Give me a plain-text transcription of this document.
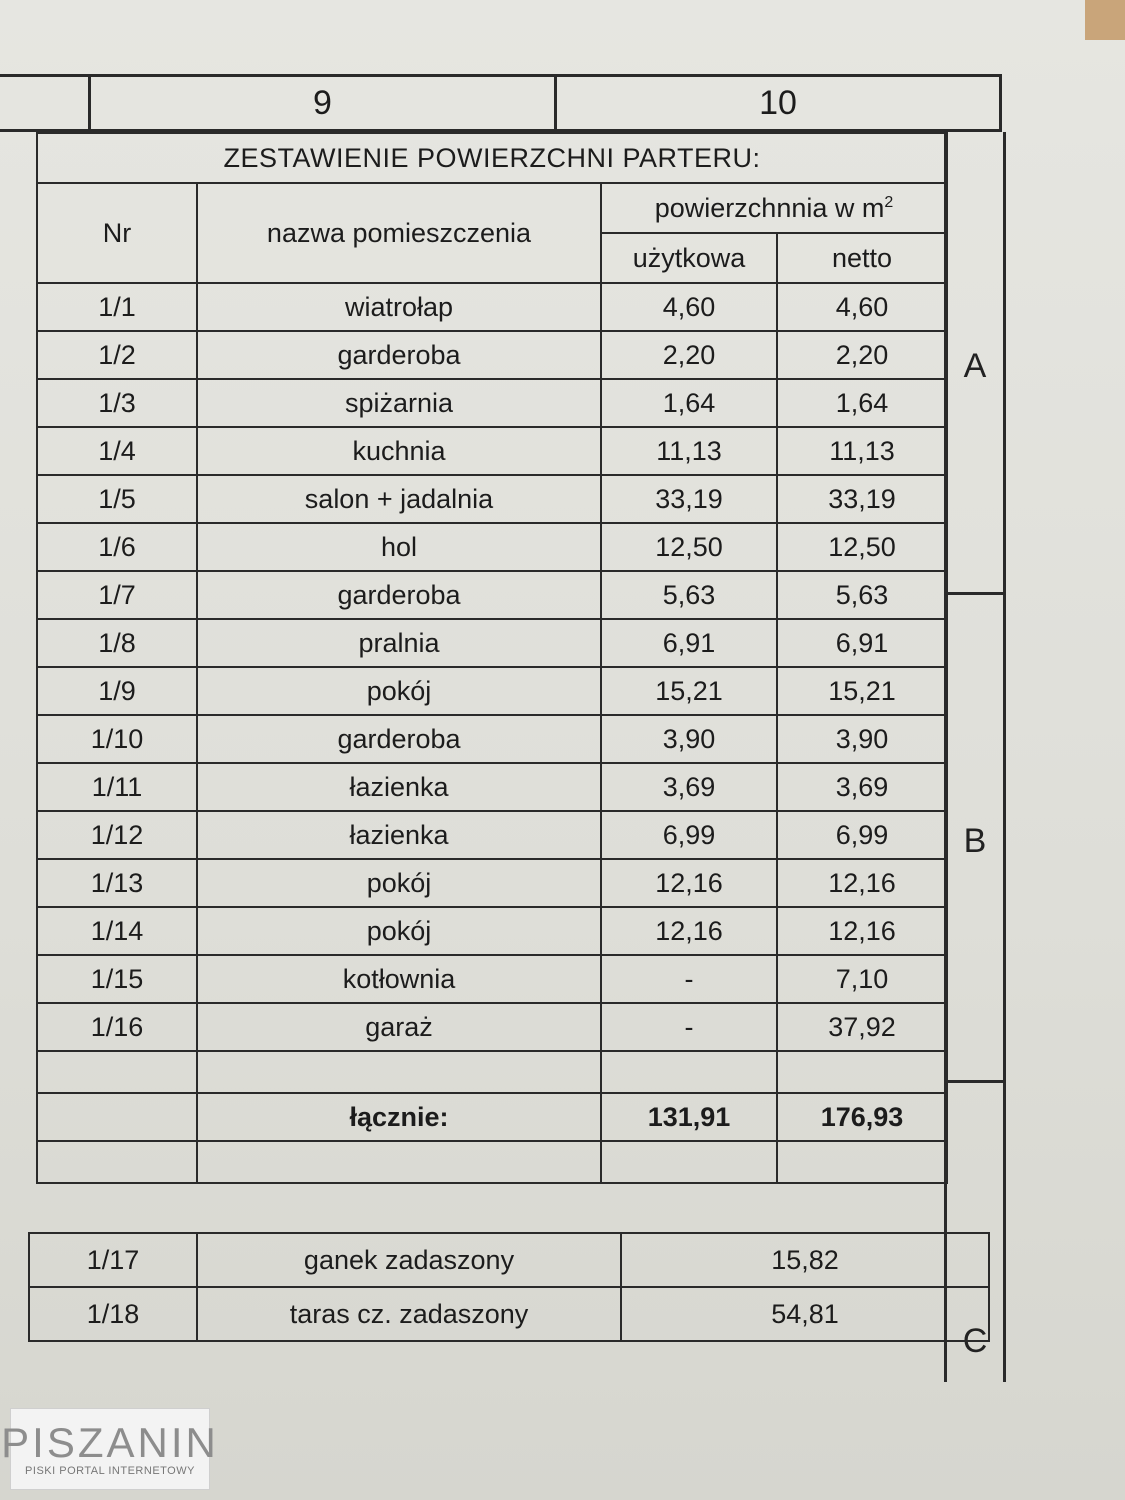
9	10
A
B
C
ZESTAWIENIE POWIERZCHNI PARTERU:			
Nr	nazwa pomieszczenia	powierzchnnia w $m^2$
		użytkowa	netto
1/1	wiatrołap	4,60	4,60
1/2	garderoba	2,20	2,20
1/3	spiżarnia	1,64	1,64
1/4	kuchnia	11,13	11,13
1/5	salon + jadalnia	33,19	33,19
1/6	hol	12,50	12,50
1/7	garderoba	5,63	5,63
1/8	pralnia	6,91	6,91
1/9	pokój	15,21	15,21
1/10	garderoba	3,90	3,90
1/11	łazienka	3,69	3,69
1/12	łazienka	6,99	6,99
1/13	pokój	12,16	12,16
1/14	pokój	12,16	12,16
1/15	kotłownia	-	7,10
1/16	garaż	-	37,92

	łącznie:	131,91	176,93

1/17	ganek zadaszony	15,82
1/18	taras cz. zadaszony	54,81
PISZANIN
PISKI PORTAL INTERNETOWY
